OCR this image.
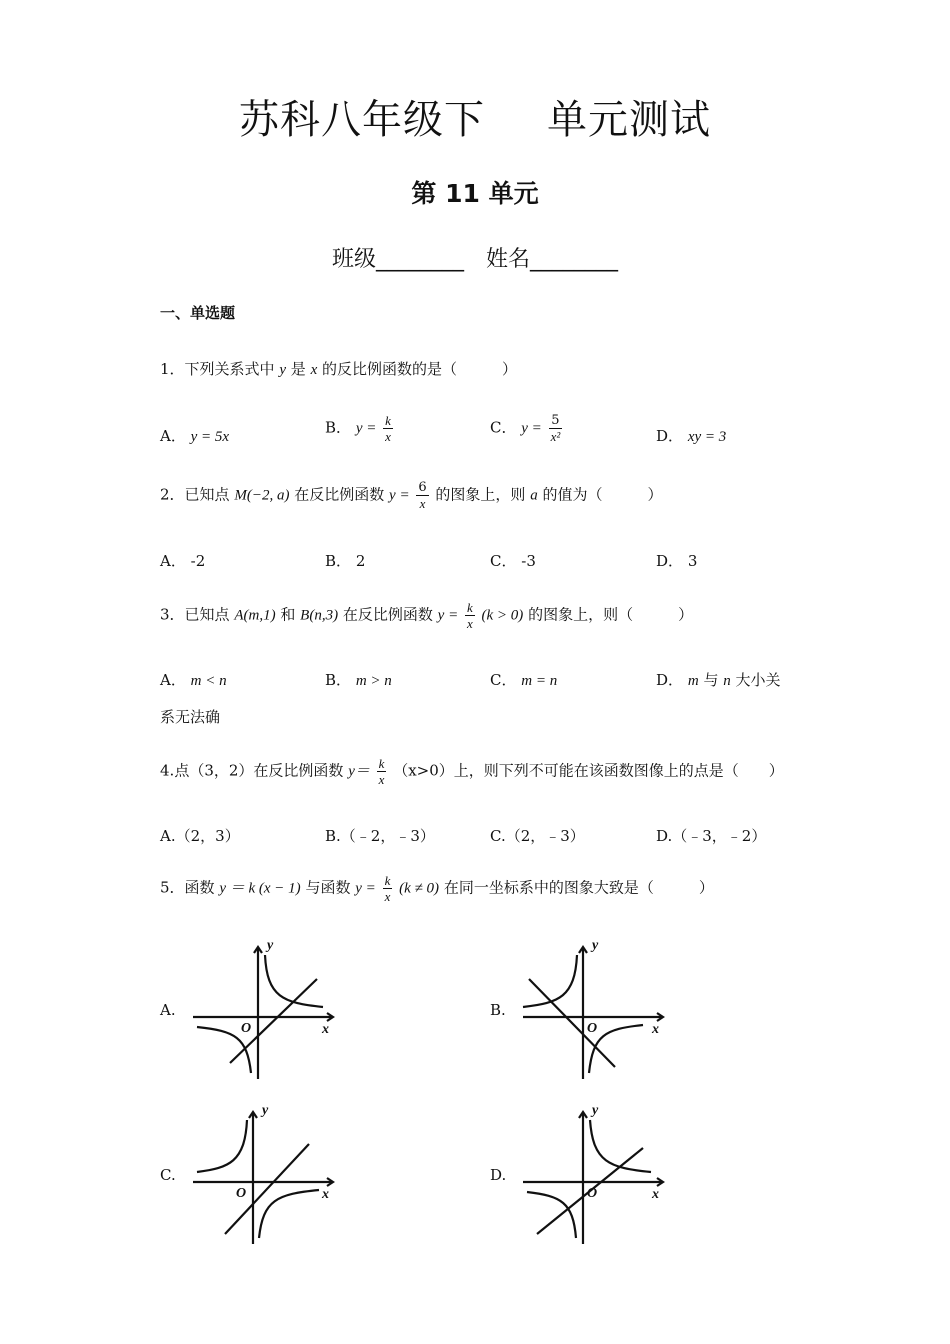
苏科八年级下 单元测试
第 11 单元
班级________ 姓名________
一、单选题
1．下列关系式中 y 是 x 的反比例函数的是（　　　）
A． y = 5x
B． $y = \frac{k}{x}$	C． $y = \frac{5}{\text{x²}}$	D． xy = 3
2．已知点 M(−2, a) 在反比例函数 $y = \frac{6}{x}$ 的图象上，则 a 的值为（　　　）
A． -2	B． 2	C． -3	D． 3
3．已知点 A(m,1) 和 B(n,3) 在反比例函数 $y = \frac{k}{x} (k > 0)$ 的图象上，则（　　　）
A． m < n	B． m > n	C． m = n	D． m 与 n 大小关
系无法确
4.点（3，2）在反比例函数 $y= \frac{k}{x} (x>0)$上，则下列不可能在该函数图像上的点是（　　）
A.（2，3）	B.（﹣2，﹣3）	C.（2，﹣3）	D.（﹣3，﹣2）
5．函数 y ＝ k (x − 1) 与函数 $y = \frac{k}{x} (k \ne 0)$ 在同一坐标系中的图象大致是（　　　）
A.	B.
C.	D.
y
x
O
y
x
O
y
x
O
y
x
O
